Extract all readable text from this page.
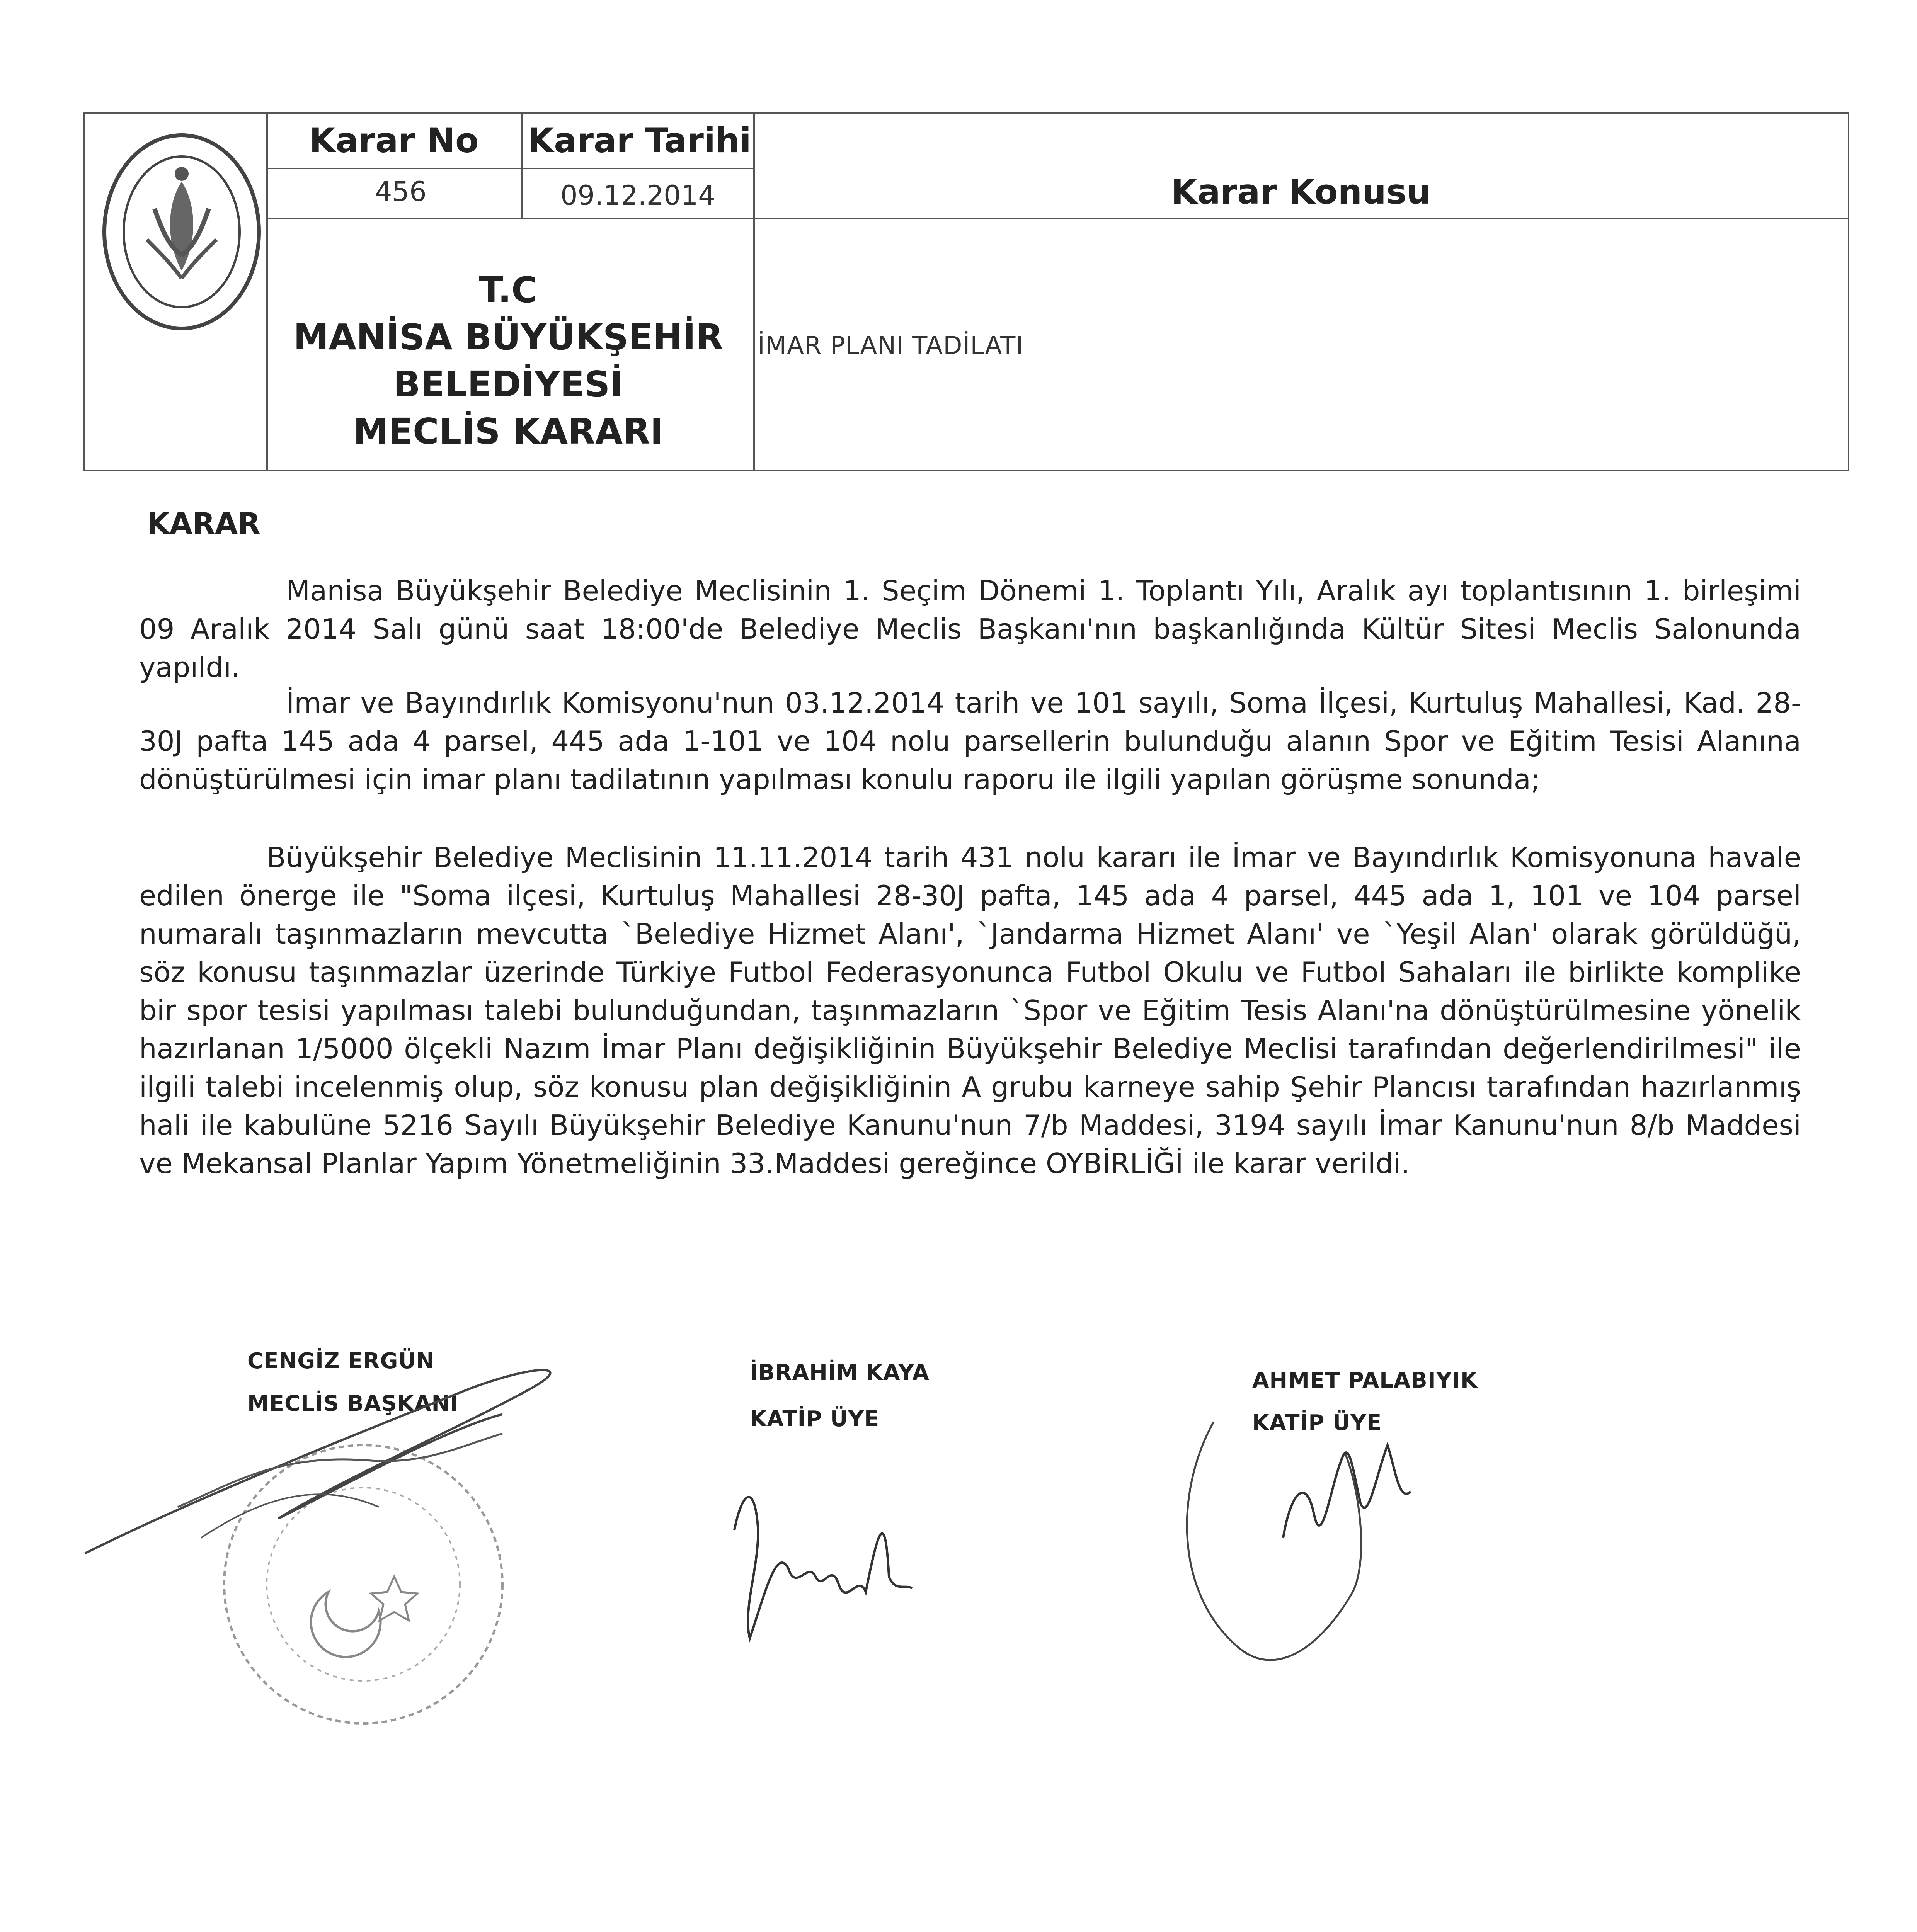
Karar No Karar Tarihi
456	09.12.2014	Karar Konusu
T.C
MANİSA BÜYÜKŞEHİR
BELEDİYESİ
MECLİS KARARI
İMAR PLANI TADİLATI
KARAR
Manisa Büyükşehir Belediye Meclisinin 1. Seçim Dönemi 1. Toplantı Yılı, Aralık ayı toplantısının 1. birleşimi 09 Aralık 2014 Salı günü saat 18:00'de Belediye Meclis Başkanı'nın başkanlığında Kültür Sitesi Meclis Salonunda yapıldı.
İmar ve Bayındırlık Komisyonu'nun 03.12.2014 tarih ve 101 sayılı, Soma İlçesi, Kurtuluş Mahallesi, Kad. 28-30J pafta 145 ada 4 parsel, 445 ada 1-101 ve 104 nolu parsellerin bulunduğu alanın Spor ve Eğitim Tesisi Alanına dönüştürülmesi için imar planı tadilatının yapılması konulu raporu ile ilgili yapılan görüşme sonunda;
Büyükşehir Belediye Meclisinin 11.11.2014 tarih 431 nolu kararı ile İmar ve Bayındırlık Komisyonuna havale edilen önerge ile "Soma ilçesi, Kurtuluş Mahallesi 28-30J pafta, 145 ada 4 parsel, 445 ada 1, 101 ve 104 parsel numaralı taşınmazların mevcutta `Belediye Hizmet Alanı', `Jandarma Hizmet Alanı' ve `Yeşil Alan' olarak görüldüğü, söz konusu taşınmazlar üzerinde Türkiye Futbol Federasyonunca Futbol Okulu ve Futbol Sahaları ile birlikte komplike bir spor tesisi yapılması talebi bulunduğundan, taşınmazların `Spor ve Eğitim Tesis Alanı'na dönüştürülmesine yönelik hazırlanan 1/5000 ölçekli Nazım İmar Planı değişikliğinin Büyükşehir Belediye Meclisi tarafından değerlendirilmesi" ile ilgili talebi incelenmiş olup, söz konusu plan değişikliğinin A grubu karneye sahip Şehir Plancısı tarafından hazırlanmış hali ile kabulüne 5216 Sayılı Büyükşehir Belediye Kanunu'nun 7/b Maddesi, 3194 sayılı İmar Kanunu'nun 8/b Maddesi ve Mekansal Planlar Yapım Yönetmeliğinin 33.Maddesi gereğince OYBİRLİĞİ ile karar verildi.
CENGİZ ERGÜN
MECLİS BAŞKANI
İBRAHİM KAYA
KATİP ÜYE
AHMET PALABIYIK
KATİP ÜYE
